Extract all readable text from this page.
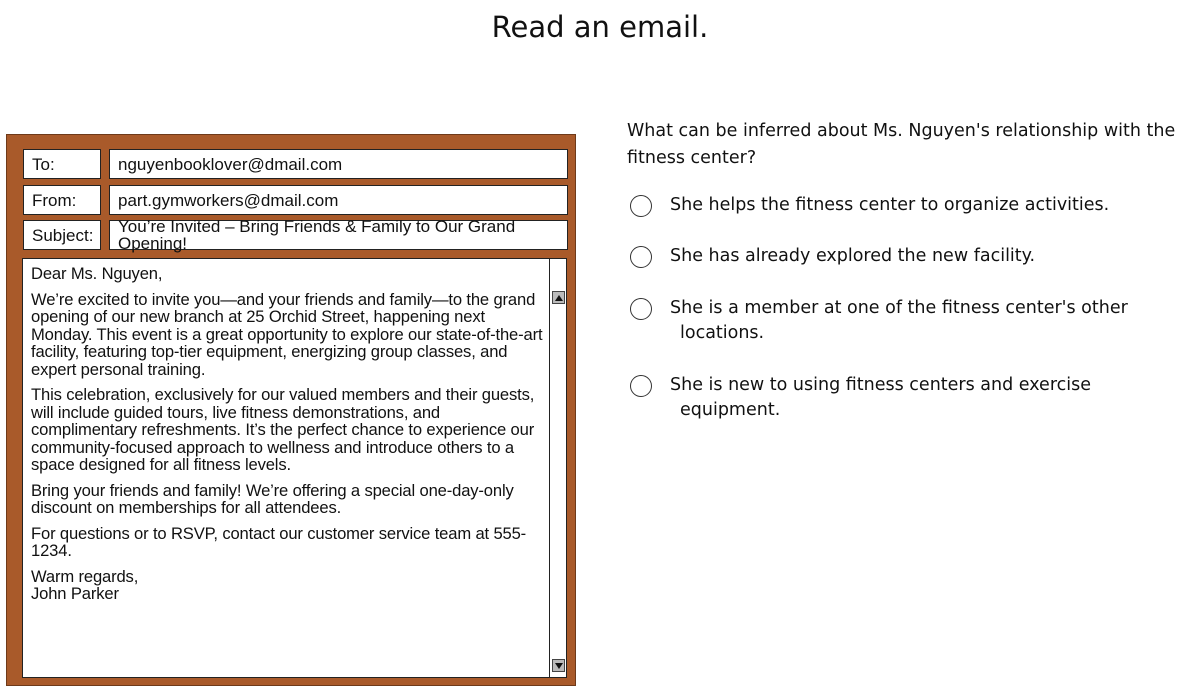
Read an email.
To:	nguyenbooklover@dmail.com
From:	part.gymworkers@dmail.com
Subject:	You’re Invited – Bring Friends & Family to Our Grand Opening!

Dear Ms. Nguyen,

We’re excited to invite you—and your friends and family—to the grand opening of our new branch at 25 Orchid Street, happening next Monday. This event is a great opportunity to explore our state-of-the-art facility, featuring top-tier equipment, energizing group classes, and expert personal training.

This celebration, exclusively for our valued members and their guests, will include guided tours, live fitness demonstrations, and complimentary refreshments. It’s the perfect chance to experience our community-focused approach to wellness and introduce others to a space designed for all fitness levels.

Bring your friends and family! We’re offering a special one-day-only discount on memberships for all attendees.

For questions or to RSVP, contact our customer service team at 555-1234.

Warm regards,
John Parker

What can be inferred about Ms. Nguyen's relationship with the fitness center?
She helps the fitness center to organize activities.
She has already explored the new facility.
She is a member at one of the fitness center's other
locations.
She is new to using fitness centers and exercise
equipment.
